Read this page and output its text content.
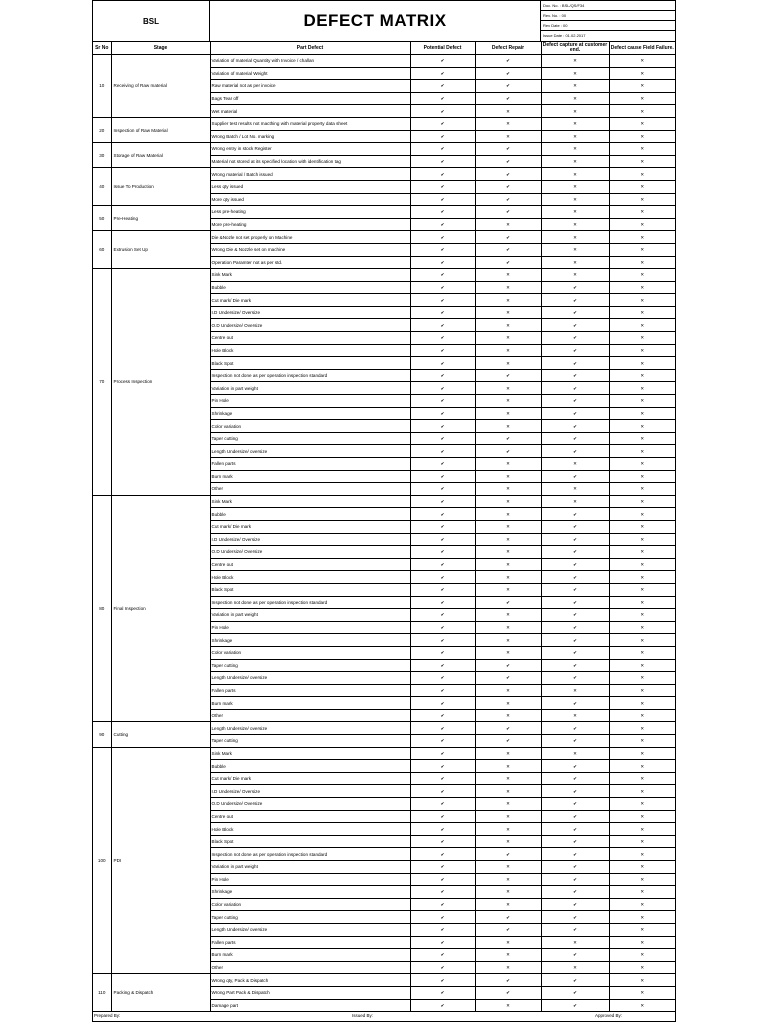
BSL	DEFECT MATRIX
Doc. No. : BSL/QS/F34
Rev. No. : 00
Rev Date : 00
Issue Date : 01.02.2017
Sr No	Stage	Part Defect	Potential Defect	Defect Repair	Defect capture at customer end.	Defect cause Field Failure.
10	Receiving of Raw material	Variation of material Quantity with Invoice / challan	✔	✔	✕	✕
		Variation of material Weight	✔	✔	✕	✕
		Raw material not as per invoice	✔	✔	✕	✕
		Bags Tear off	✔	✔	✕	✕
		Wet material	✔	✕	✕	✕
20	Inspection of Raw Material	Supplier test results not macthing with material property data sheet	✔	✕	✕	✕
		Wrong Batch / Lot No. marking	✔	✕	✕	✕
30	Storage of Raw Material	Wrong entry in stock Register	✔	✔	✕	✕
		Material not stored at its specified location with identification tag	✔	✔	✕	✕
40	Issue To Production	Wrong material / Batch issued	✔	✔	✕	✕
		Less qty issued	✔	✔	✕	✕
		More qty issued	✔	✔	✕	✕
50	Pre-Heating	Less pre-heating	✔	✔	✕	✕
		More pre-heating	✔	✕	✕	✕
60	Extrusion Set Up	Die &Nozle not set properly on Machine	✔	✔	✕	✕
		Wrong Die & Nozzle set on machine	✔	✔	✕	✕
		Operation Paramter not as per std.	✔	✔	✕	✕
70	Process Inspection	Sink Mark	✔	✕	✕	✕
		Bubble	✔	✕	✔	✕
		Cut mark/ Die mark	✔	✕	✔	✕
		I.D Undersize/ Oversize	✔	✕	✔	✕
		O.D Undersize/ Oversize	✔	✕	✔	✕
		Centre out	✔	✕	✔	✕
		Hole Block	✔	✕	✔	✕
		Black Spot	✔	✕	✔	✕
		Inspection not done as per operation inspection standard	✔	✔	✔	✕
		Variation in part weight	✔	✕	✔	✕
		Pin Hole	✔	✕	✔	✕
		Shrinkage	✔	✕	✔	✕
		Color variation	✔	✕	✔	✕
		Taper cutting	✔	✔	✔	✕
		Length Undersize/ oversize	✔	✔	✔	✕
		Fallen parts	✔	✕	✕	✕
		Burn mark	✔	✕	✔	✕
		Other	✔	✕	✕	✕
80	Final Inspection	Sink Mark	✔	✕	✕	✕
		Bubble	✔	✕	✔	✕
		Cut mark/ Die mark	✔	✕	✔	✕
		I.D Undersize/ Oversize	✔	✕	✔	✕
		O.D Undersize/ Oversize	✔	✕	✔	✕
		Centre out	✔	✕	✔	✕
		Hole Block	✔	✕	✔	✕
		Black Spot	✔	✕	✔	✕
		Inspection not done as per operation inspection standard	✔	✔	✔	✕
		Variation in part weight	✔	✕	✔	✕
		Pin Hole	✔	✕	✔	✕
		Shrinkage	✔	✕	✔	✕
		Color variation	✔	✕	✔	✕
		Taper cutting	✔	✔	✔	✕
		Length Undersize/ oversize	✔	✔	✔	✕
		Fallen parts	✔	✕	✕	✕
		Burn mark	✔	✕	✔	✕
		Other	✔	✕	✕	✕
90	Cutting	Length Undersize/ oversize	✔	✔	✔	✕
		Taper cutting	✔	✔	✔	✕
100	PDI	Sink Mark	✔	✕	✕	✕
		Bubble	✔	✕	✔	✕
		Cut mark/ Die mark	✔	✕	✔	✕
		I.D Undersize/ Oversize	✔	✕	✔	✕
		O.D Undersize/ Oversize	✔	✕	✔	✕
		Centre out	✔	✕	✔	✕
		Hole Block	✔	✕	✔	✕
		Black Spot	✔	✕	✔	✕
		Inspection not done as per operation inspection standard	✔	✔	✔	✕
		Variation in part weight	✔	✕	✔	✕
		Pin Hole	✔	✕	✔	✕
		Shrinkage	✔	✕	✔	✕
		Color variation	✔	✕	✔	✕
		Taper cutting	✔	✔	✔	✕
		Length Undersize/ oversize	✔	✔	✔	✕
		Fallen parts	✔	✕	✕	✕
		Burn mark	✔	✕	✔	✕
		Other	✔	✕	✕	✕
110	Packing & Dispatch	Wrong qty, Pack & Dispatch	✔	✔	✔	✕
		Wrong Part Pack & Dispatch	✔	✔	✔	✕
		Damage part	✔	✕	✔	✕
Prepared By:	Issued By:	Approved By:
